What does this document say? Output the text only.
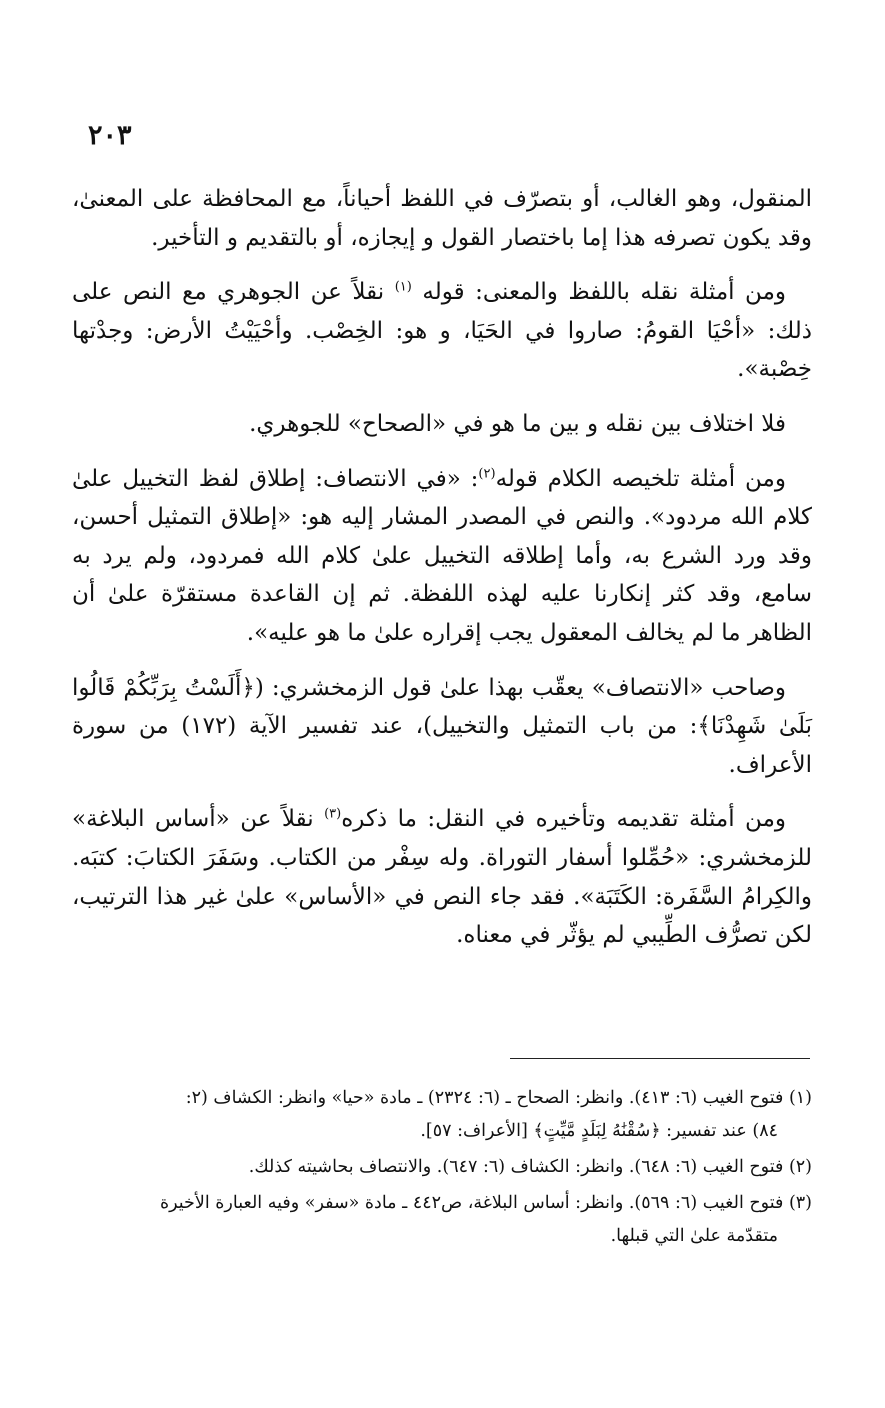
٢٠٣

المنقول، وهو الغالب، أو بتصرّف في اللفظ أحياناً، مع المحافظة على المعنىٰ، وقد يكون تصرفه هذا إما باختصار القول و إيجازه، أو بالتقديم و التأخير.

ومن أمثلة نقله باللفظ والمعنى: قوله $^{(١)}$ نقلاً عن الجوهري مع النص على ذلك: «أحْيَا القومُ: صاروا في الحَيَا، و هو: الخِصْب. وأحْيَيْتُ الأرض: وجدْتها خِصْبة».

فلا اختلاف بين نقله و بين ما هو في «الصحاح» للجوهري.

ومن أمثلة تلخيصه الكلام قوله$^{(٢)}$: «في الانتصاف: إطلاق لفظ التخييل علىٰ كلام الله مردود». والنص في المصدر المشار إليه هو: «إطلاق التمثيل أحسن، وقد ورد الشرع به، وأما إطلاقه التخييل علىٰ كلام الله فمردود، ولم يرد به سامع، وقد كثر إنكارنا عليه لهذه اللفظة. ثم إن القاعدة مستقرّة علىٰ أن الظاهر ما لم يخالف المعقول يجب إقراره علىٰ ما هو عليه».

وصاحب «الانتصاف» يعقّب بهذا علىٰ قول الزمخشري: (﴿أَلَسْتُ بِرَبِّكُمْ قَالُوا بَلَىٰ شَهِدْنَا﴾: من باب التمثيل والتخييل)، عند تفسير الآية (١٧٢) من سورة الأعراف.

ومن أمثلة تقديمه وتأخيره في النقل: ما ذكره$^{(٣)}$ نقلاً عن «أساس البلاغة» للزمخشري: «حُمِّلوا أسفار التوراة. وله سِفْر من الكتاب. وسَفَرَ الكتابَ: كتبَه. والكِرامُ السَّفَرة: الكَتَبَة». فقد جاء النص في «الأساس» علىٰ غير هذا الترتيب، لكن تصرُّف الطِّيبي لم يؤثّر في معناه.

(١) فتوح الغيب (٦: ٤١٣). وانظر: الصحاح ـ (٦: ٢٣٢٤) ـ مادة «حيا» وانظر: الكشاف (٢:
٨٤) عند تفسير: ﴿سُقْنَٰهُ لِبَلَدٍ مَّيِّتٍ﴾ [الأعراف: ٥٧].
(٢) فتوح الغيب (٦: ٦٤٨). وانظر: الكشاف (٦: ٦٤٧). والانتصاف بحاشيته كذلك.
(٣) فتوح الغيب (٦: ٥٦٩). وانظر: أساس البلاغة، ص٤٤٢ ـ مادة «سفر» وفيه العبارة الأخيرة
متقدّمة علىٰ التي قبلها.
